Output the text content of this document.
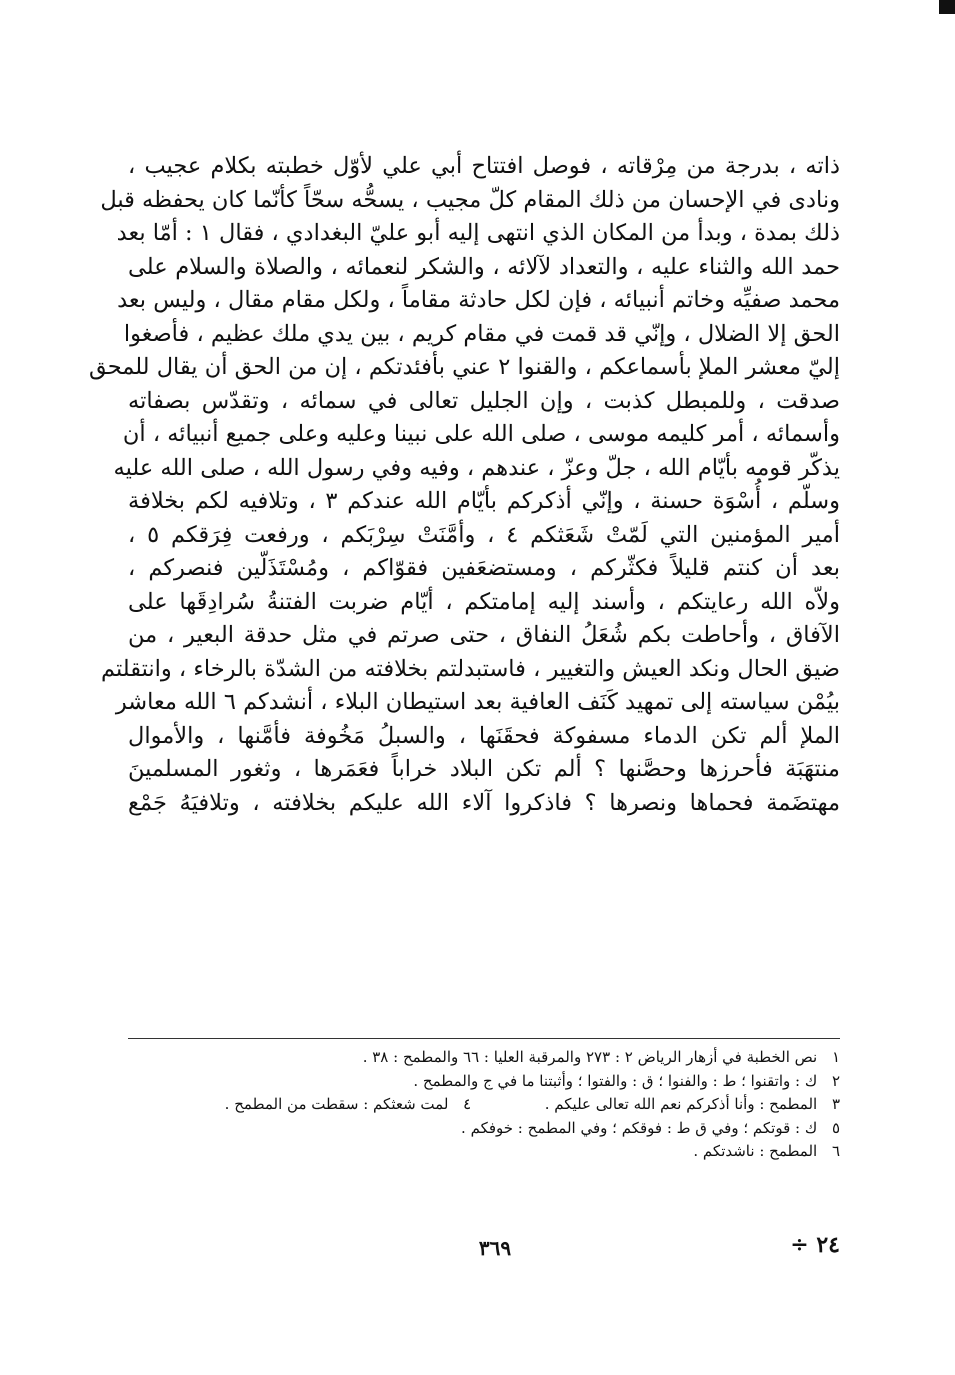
ذاته ، بدرجة من مِرْقاته ، فوصل افتتاح أبي علي لأوّل خطبته بكلام عجيب ،
ونادى في الإحسان من ذلك المقام كلّ مجيب ، يسحُّه سحّاً كأنّما كان يحفظه قبل
ذلك بمدة ، وبدأ من المكان الذي انتهى إليه أبو عليّ البغدادي ، فقال ١ : أمّا بعد
حمد الله والثناء عليه ، والتعداد لآلائه ، والشكر لنعمائه ، والصلاة والسلام على
محمد صفيِّه وخاتم أنبيائه ، فإن لكل حادثة مقاماً ، ولكل مقام مقال ، وليس بعد
الحق إلا الضلال ، وإنّي قد قمت في مقام كريم ، بين يدي ملك عظيم ، فأصغوا
إليّ معشر الملإ بأسماعكم ، والقنوا ٢ عني بأفئدتكم ، إن من الحق أن يقال للمحق
صدقت ، وللمبطل كذبت ، وإن الجليل تعالى في سمائه ، وتقدّس بصفاته
وأسمائه ، أمر كليمه موسى ، صلى الله على نبينا وعليه وعلى جميع أنبيائه ، أن
يذكّر قومه بأيّام الله ، جلّ وعزّ ، عندهم ، وفيه وفي رسول الله ، صلى الله عليه
وسلّم ، أُسْوَة حسنة ، وإنّي أذكركم بأيّام الله عندكم ٣ ، وتلافيه لكم بخلافة
أمير المؤمنين التي لَمّتْ شَعَثكم ٤ ، وأمَّنَتْ سِرْبَكم ، ورفعت فِرَقكم ٥ ،
بعد أن كنتم قليلاً فكثّركم ، ومستضعَفين فقوّاكم ، ومُسْتَذَلّين فنصركم ،
ولاّه الله رعايتكم ، وأسند إليه إمامتكم ، أيّام ضربت الفتنةُ سُرادِقَها على
الآفاق ، وأحاطت بكم شُعَلُ النفاق ، حتى صرتم في مثل حدقة البعير ، من
ضيق الحال ونكد العيش والتغيير ، فاستبدلتم بخلافته من الشدّة بالرخاء ، وانتقلتم
بيُمْن سياسته إلى تمهيد كَنَف العافية بعد استيطان البلاء ، أنشدكم ٦ الله معاشر
الملإ ألم تكن الدماء مسفوكة فحقَنَها ، والسبلُ مَخُوفة فأمَّنها ، والأموال
منتهَبَة فأحرزها وحصَّنها ؟ ألم تكن البلاد خراباً فعَمَرها ، وثغور المسلمينَ
مهتضَمة فحماها ونصرها ؟ فاذكروا آلاء الله عليكم بخلافته ، وتلافيَهُ جَمْع
١ نص الخطبة في أزهار الرياض ٢ : ٢٧٣ والمرقبة العليا : ٦٦ والمطمح : ٣٨ .
٢ ك : واتقنوا ؛ ط : والفنوا ؛ ق : والفتوا ؛ وأثبتنا ما في ج والمطمح .
٣ المطمح : وأنا أذكركم نعم الله تعالى عليكم .  ٤ لمت شعثكم : سقطت من المطمح .
٥ ك : قوتكم ؛ وفي ق ط : فوقكم ؛ وفي المطمح : خوفكم .
٦ المطمح : ناشدتكم .
٣٦٩	٢٤ ÷
